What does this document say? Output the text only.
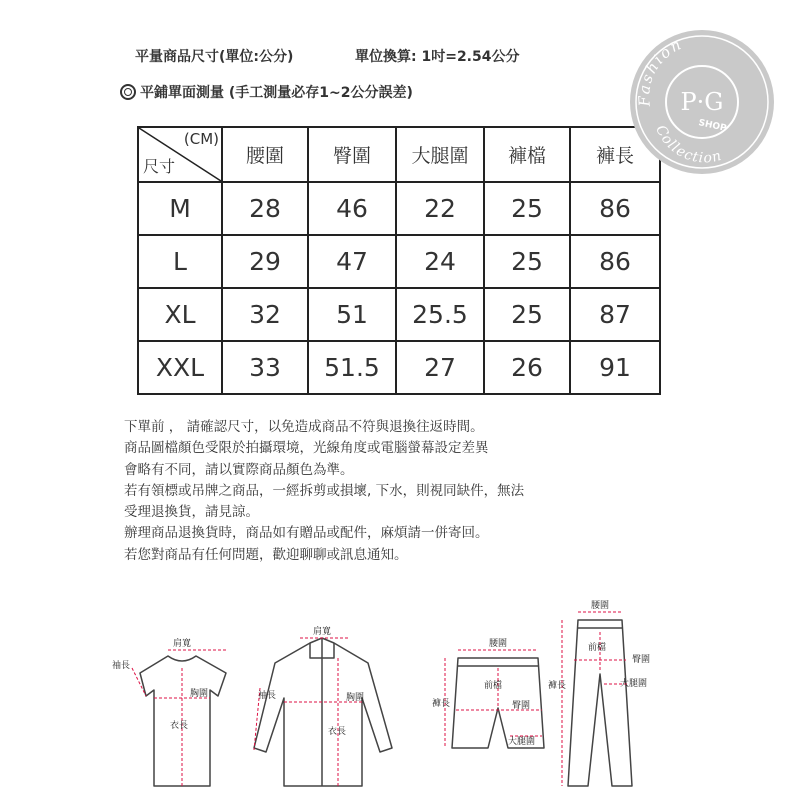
平量商品尺寸(單位:公分)	單位換算: 1吋=2.54公分
平鋪單面測量 (手工測量必存1~2公分誤差)
(CM)
尺寸	腰圍	臀圍	大腿圍	褲檔	褲長
M	28	46	22	25	86
L	29	47	24	25	86
XL	32	51	25.5	25	87
XXL	33	51.5	27	26	91
下單前 ， 請確認尺寸，以免造成商品不符與退換往返時間。
商品圖檔顏色受限於拍攝環境，光線角度或電腦螢幕設定差異
會略有不同，請以實際商品顏色為準。
若有領標或吊牌之商品，一經拆剪或損壞, 下水，則視同缺件，無法
受理退換貨，請見諒。
辦理商品退換貨時，商品如有贈品或配件，麻煩請一併寄回。
若您對商品有任何問題，歡迎聊聊或訊息通知。
Fashion
P·G
SHOP
Collection
肩寬
袖長
胸圍
衣長
肩寬
袖長	胸圍
衣長
腰圍
前檔
臀圍
褲長
大腿圍
腰圍
前檔
臀圍
褲長	大腿圍
